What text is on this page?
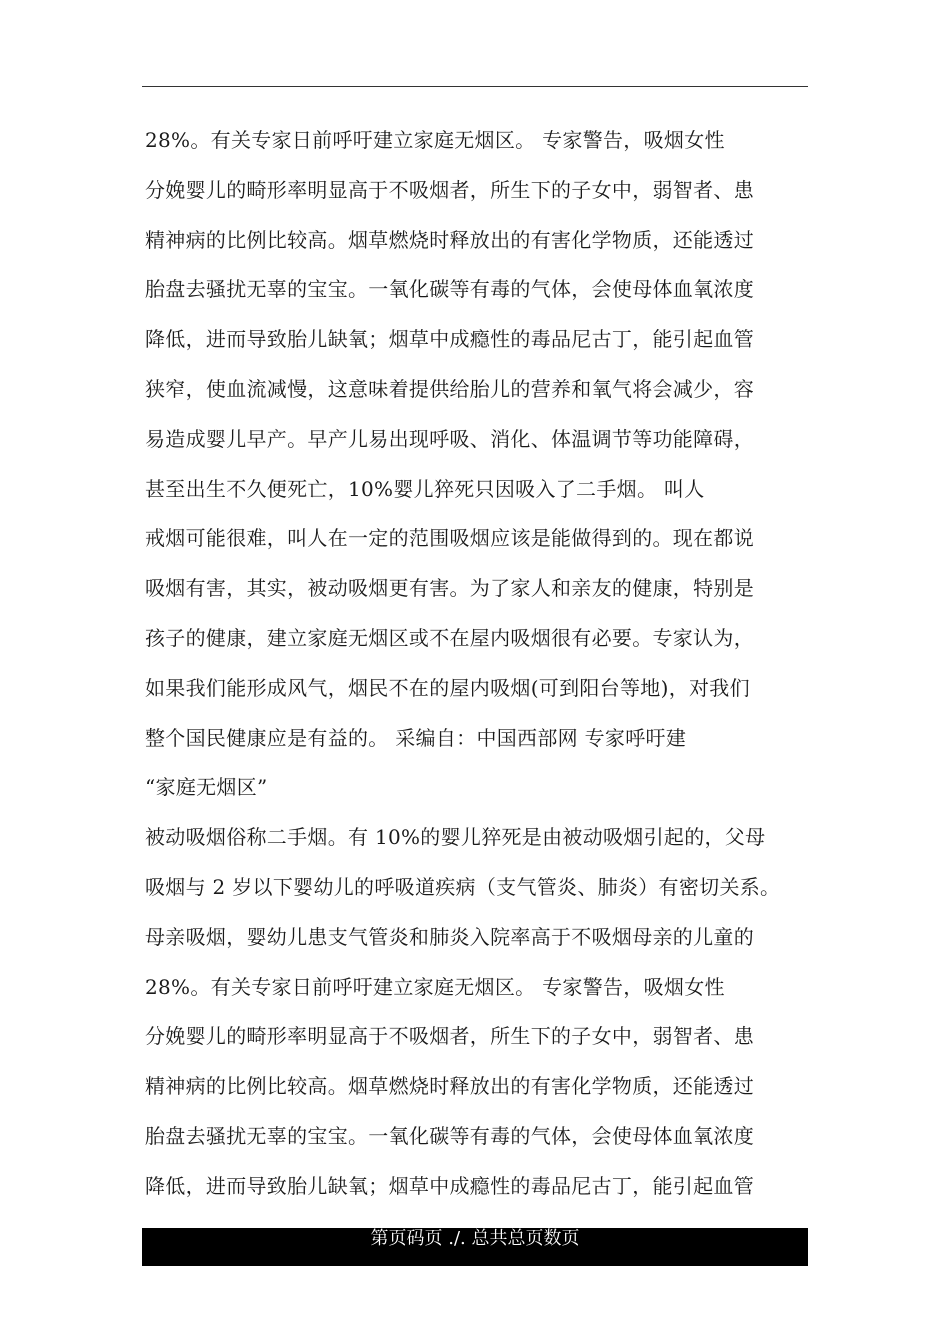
28%。有关专家日前呼吁建立家庭无烟区。 专家警告，吸烟女性
分娩婴儿的畸形率明显高于不吸烟者，所生下的子女中，弱智者、患
精神病的比例比较高。烟草燃烧时释放出的有害化学物质，还能透过
胎盘去骚扰无辜的宝宝。一氧化碳等有毒的气体，会使母体血氧浓度
降低，进而导致胎儿缺氧；烟草中成瘾性的毒品尼古丁，能引起血管
狭窄，使血流减慢，这意味着提供给胎儿的营养和氧气将会减少，容
易造成婴儿早产。早产儿易出现呼吸、消化、体温调节等功能障碍，
甚至出生不久便死亡，10%婴儿猝死只因吸入了二手烟。 叫人
戒烟可能很难，叫人在一定的范围吸烟应该是能做得到的。现在都说
吸烟有害，其实，被动吸烟更有害。为了家人和亲友的健康，特别是
孩子的健康，建立家庭无烟区或不在屋内吸烟很有必要。专家认为，
如果我们能形成风气，烟民不在的屋内吸烟(可到阳台等地)，对我们
整个国民健康应是有益的。 采编自：中国西部网 专家呼吁建
“家庭无烟区”
被动吸烟俗称二手烟。有 10%的婴儿猝死是由被动吸烟引起的，父母
吸烟与 2 岁以下婴幼儿的呼吸道疾病（支气管炎、肺炎）有密切关系。
母亲吸烟，婴幼儿患支气管炎和肺炎入院率高于不吸烟母亲的儿童的
28%。有关专家日前呼吁建立家庭无烟区。 专家警告，吸烟女性
分娩婴儿的畸形率明显高于不吸烟者，所生下的子女中，弱智者、患
精神病的比例比较高。烟草燃烧时释放出的有害化学物质，还能透过
胎盘去骚扰无辜的宝宝。一氧化碳等有毒的气体，会使母体血氧浓度
降低，进而导致胎儿缺氧；烟草中成瘾性的毒品尼古丁，能引起血管
第页码页 ./. 总共总页数页
